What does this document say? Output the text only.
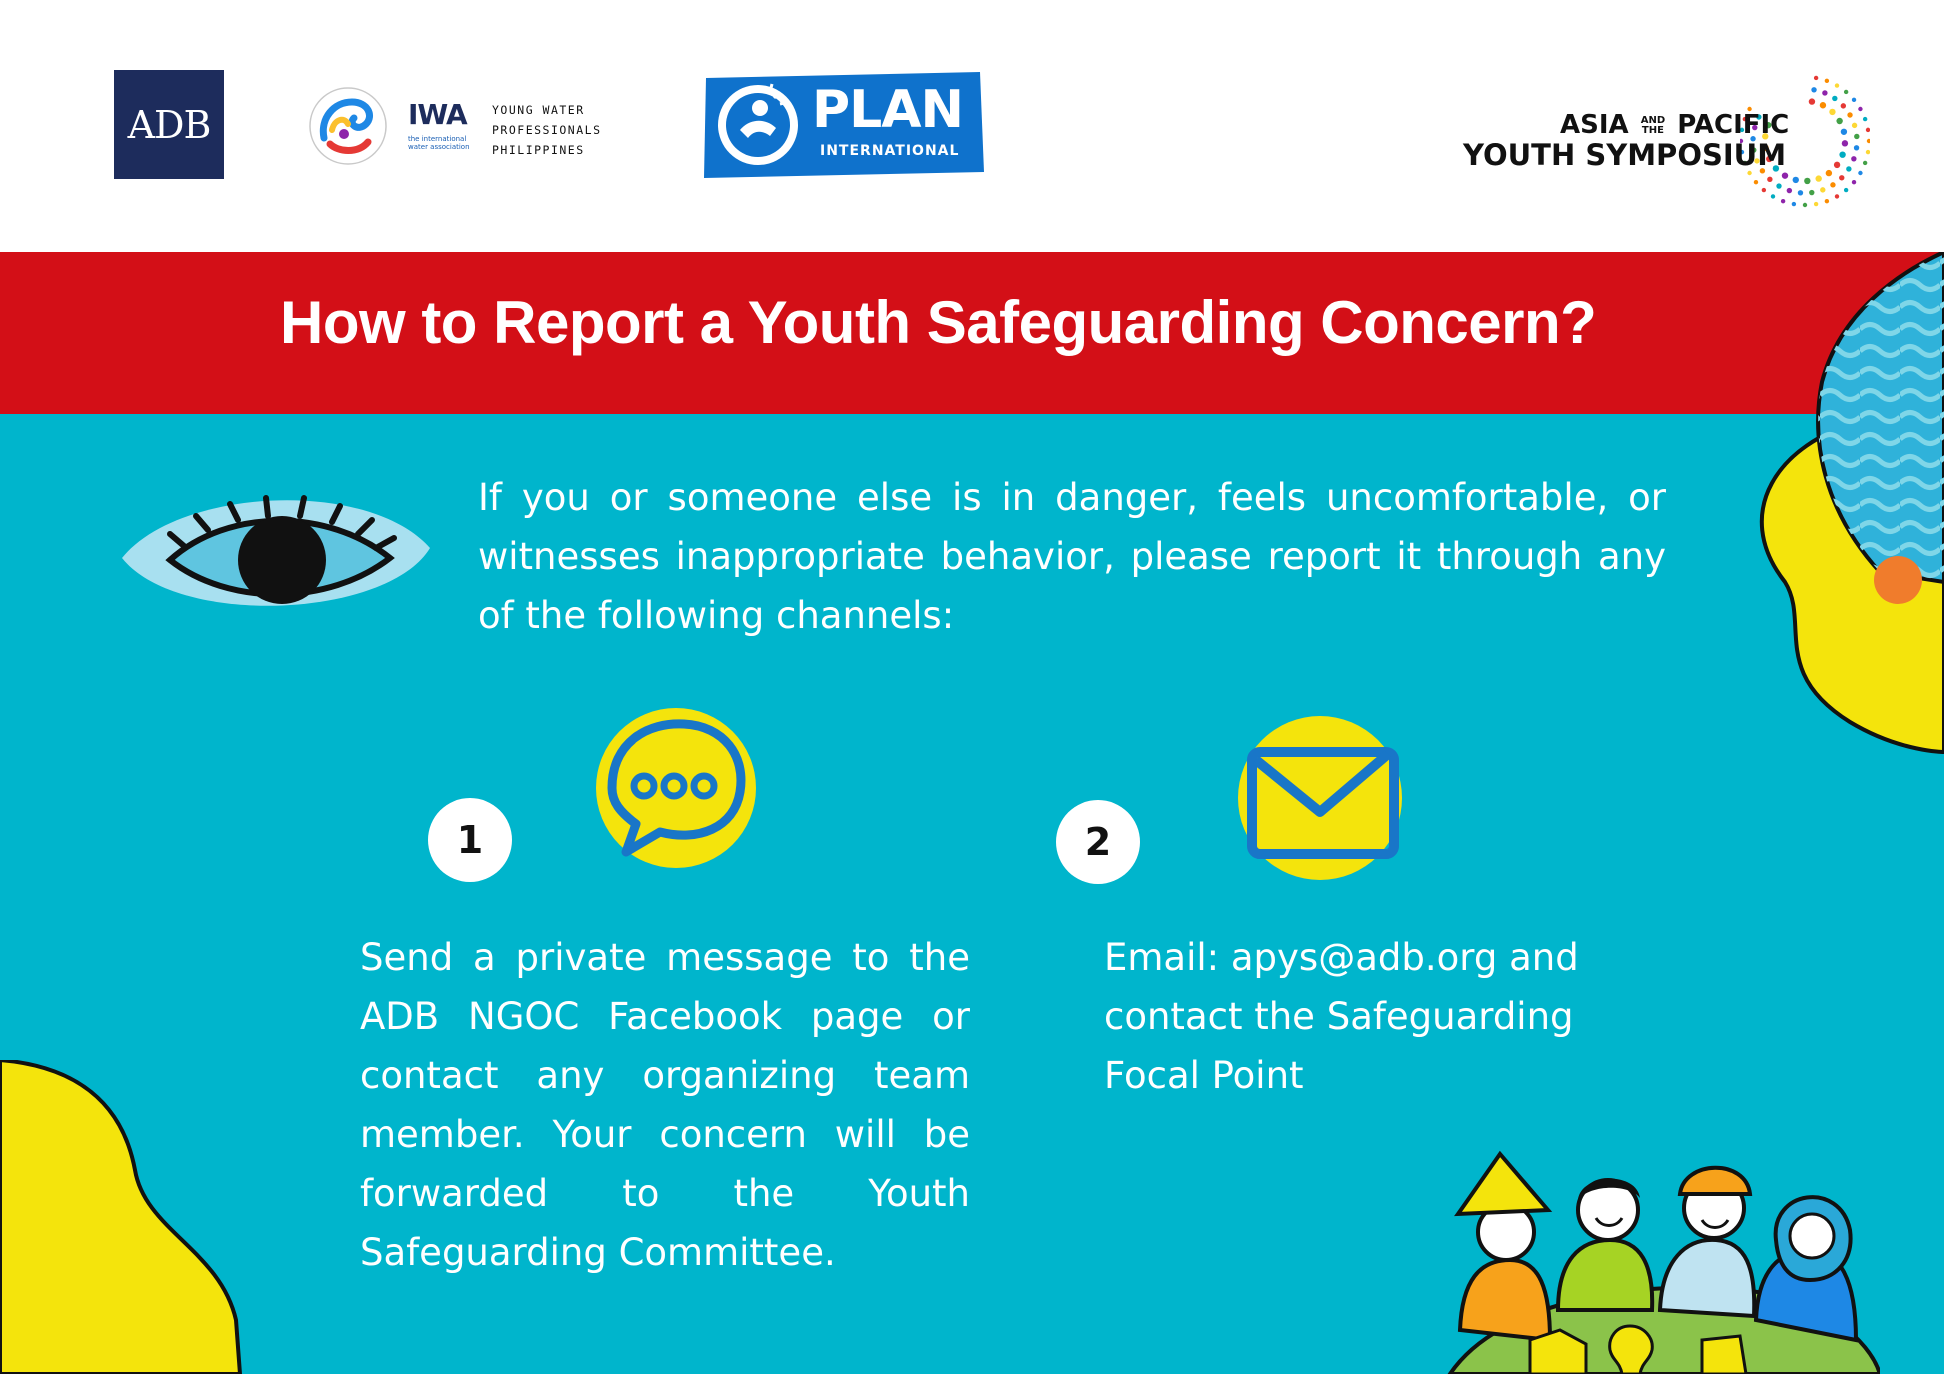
ADB	IWA
the international water association
YOUNG WATER
PROFESSIONALS
PHILIPPINES
PLAN
INTERNATIONAL
ASIA AND
THE PACIFIC
YOUTH SYMPOSIUM
How to Report a Youth Safeguarding Concern?
If you or someone else is in danger, feels uncomfortable, or witnesses inappropriate behavior, please report it through any of the following channels:
1
Send a private message to the ADB NGOC Facebook page or contact any organizing team member. Your concern will be forwarded to the Youth Safeguarding Committee.
2
Email: apys@adb.org and
contact the Safeguarding
Focal Point
